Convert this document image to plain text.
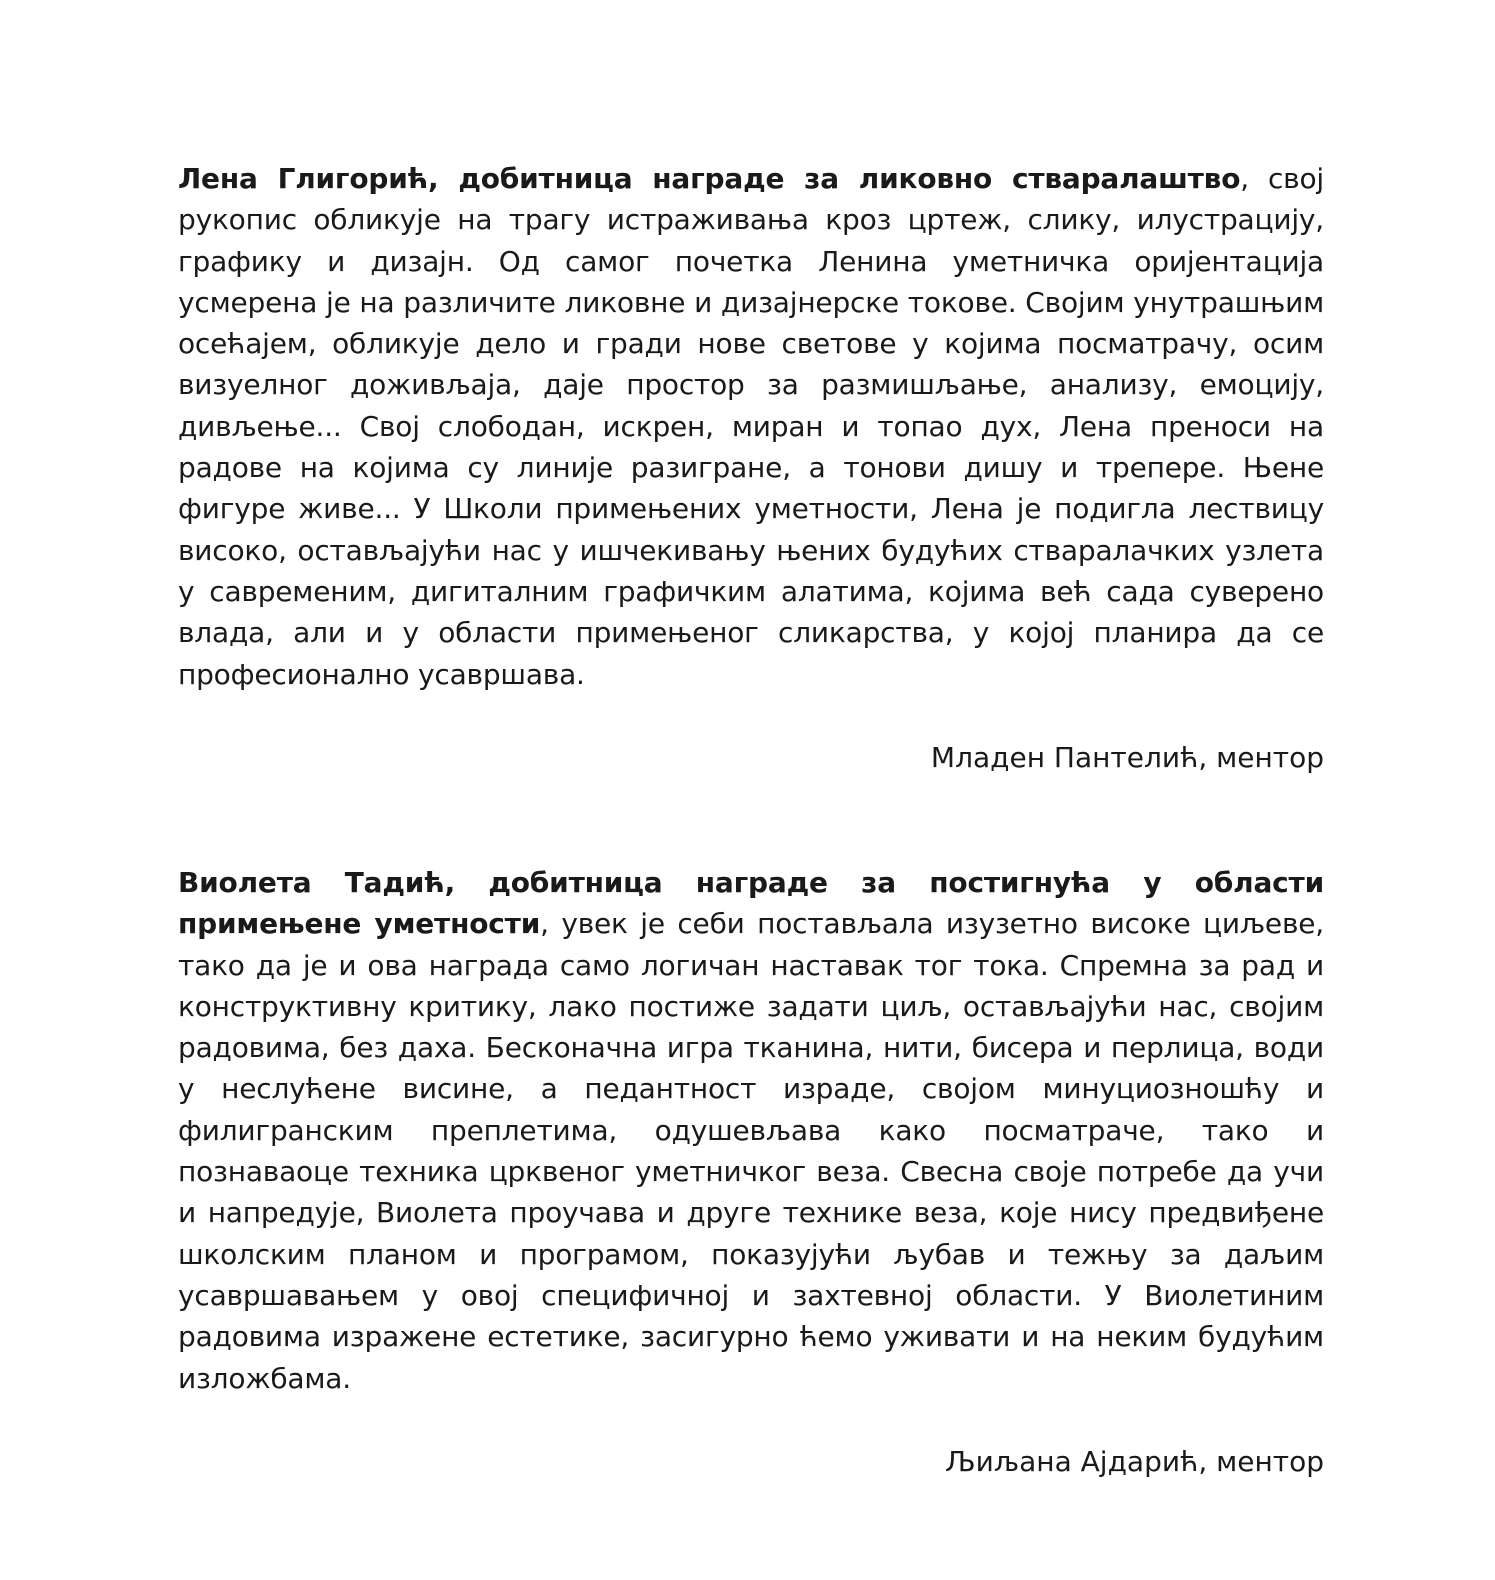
Лена Глигорић, добитница награде за ликовно стваралаштво, свој рукопис обликује на трагу истраживања кроз цртеж, слику, илустрацију, графику и дизајн. Од самог почетка Ленина уметничка оријентација усмерена је на различите ликовне и дизајнерске токове. Својим унутрашњим осећајем, обликује дело и гради нове светове у којима посматрачу, осим визуелног доживљаја, даје простор за размишљање, анализу, емоцију, дивљење... Свој слободан, искрен, миран и топао дух, Лена преноси на радове на којима су линије разигране, а тонови дишу и трепере. Њене фигуре живе... У Школи примењених уметности, Лена је подигла лествицу високо, остављајући нас у ишчекивању њених будућих стваралачких узлета у савременим, дигиталним графичким алатима, којима већ сада суверено влада, али и у области примењеног сликарства, у којој планира да се професионално усавршава.

Младен Пантелић, ментор

Виолета Тадић, добитница награде за постигнућа у области примењене уметности, увек је себи постављала изузетно високе циљеве, тако да је и ова награда само логичан наставак тог тока. Спремна за рад и конструктивну критику, лако постиже задати циљ, остављајући нас, својим радовима, без даха. Бесконачна игра тканина, нити, бисера и перлица, води у неслућене висине, а педантност израде, својом минуциозношћу и филигранским преплетима, одушевљава како посматраче, тако и познаваоце техника црквеног уметничког веза. Свесна своје потребе да учи и напредује, Виолета проучава и друге технике веза, које нису предвиђене школским планом и програмом, показујући љубав и тежњу за даљим усавршавањем у овој специфичној и захтевној области. У Виолетиним радовима изражене естетике, засигурно ћемо уживати и на неким будућим изложбама.

Љиљана Ајдарић, ментор
